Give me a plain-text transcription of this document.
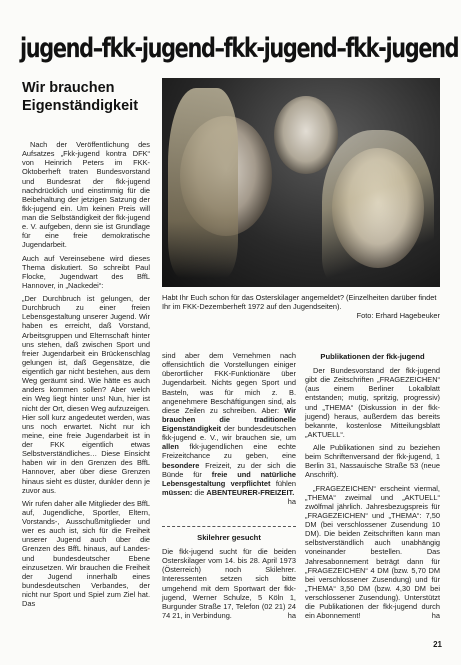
jugend–fkk-jugend–fkk-jugend–fkk-jugend
Wir brauchen Eigenständigkeit

Nach der Veröffentlichung des Aufsatzes „Fkk-jugend kontra DFK“ von Heinrich Peters im FKK-Oktoberheft traten Bundesvorstand und Bundesrat der fkk-jugend nachdrücklich und einstimmig für die Beibehaltung der jetzigen Satzung der fkk-jugend ein. Um keinen Preis will man die Selbständigkeit der fkk-jugend e. V. aufgeben, denn sie ist Grundlage für eine freie demokratische Jugendarbeit.

Auch auf Vereinsebene wird dieses Thema diskutiert. So schreibt Paul Flocke, Jugendwart des BffL Hannover, in „Nackedei“:

„Der Durchbruch ist gelungen, der Durchbruch zu einer freien Lebensgestaltung unserer Jugend. Wir haben es erreicht, daß Vorstand, Arbeitsgruppen und Elternschaft hinter uns stehen, daß zwischen Sport und freier Jugendarbeit ein Brückenschlag gelungen ist, daß Gegensätze, die eigentlich gar nicht bestehen, aus dem Weg geräumt sind. Wie hätte es auch anders kommen sollen? Aber welch ein Weg liegt hinter uns! Nun, hier ist nicht der Ort, diesen Weg aufzuzeigen. Hier soll kurz angedeutet werden, was uns noch erwartet. Nicht nur ich meine, eine freie Jugendarbeit ist in der FKK eigentlich etwas Selbstverständliches… Diese Einsicht haben wir in den Grenzen des BffL Hannover, aber über diese Grenzen hinaus sieht es düster, dunkler denn je zuvor aus.

Wir rufen daher alle Mitglieder des BffL auf, Jugendliche, Sportler, Eltern, Vorstands-, Ausschußmitglieder und wer es auch ist, sich für die Freiheit unserer Jugend auch über die Grenzen des BffL hinaus, auf Landes- und bundesdeutscher Ebene einzusetzen. Wir brauchen die Freiheit der Jugend innerhalb eines bundesdeutschen Verbandes, der nicht nur Sport und Spiel zum Ziel hat. Das

Habt Ihr Euch schon für das Osterskilager angemeldet? (Einzelheiten darüber findet Ihr im FKK-Dezemberheft 1972 auf den Jugendseiten).
Foto: Erhard Hagebeuker

sind aber dem Vernehmen nach offensichtlich die Vorstellungen einiger überortlicher FKK-Funktionäre über Jugendarbeit. Nichts gegen Sport und Basteln, was für mich z. B. angenehmere Beschäftigungen sind, als diese Zeilen zu schreiben. Aber: Wir brauchen die traditionelle Eigenständigkeit der bundesdeutschen fkk-jugend e. V., wir brauchen sie, um allen fkk-jugendlichen eine echte Freizeitchance zu geben, eine besondere Freizeit, zu der sich die Bünde für freie und natürliche Lebensgestaltung verpflichtet fühlen müssen: die ABENTEURER-FREIZEIT.
ha

Skilehrer gesucht

Die fkk-jugend sucht für die beiden Osterskilager vom 14. bis 28. April 1973 (Österreich) noch Skilehrer. Interessenten setzen sich bitte umgehend mit dem Sportwart der fkk-jugend, Werner Schulze, 5 Köln 1, Burgunder Straße 17, Telefon (02 21) 24 74 21, in Verbindung.	ha

Publikationen der fkk-jugend

Der Bundesvorstand der fkk-jugend gibt die Zeitschriften „FRAGEZEICHEN“ (aus einem Berliner Lokalblatt entstanden; mutig, spritzig, progressiv) und „THEMA“ (Diskussion in der fkk-jugend) heraus, außerdem das bereits bekannte, kostenlose Mitteilungsblatt „AKTUELL“.

Alle Publikationen sind zu beziehen beim Schriftenversand der fkk-jugend, 1 Berlin 31, Nassauische Straße 53 (neue Anschrift).

„FRAGEZEICHEN“ erscheint viermal, „THEMA“ zweimal und „AKTUELL“ zwölfmal jährlich. Jahresbezugspreis für „FRAGEZEICHEN“ und „THEMA“: 7,50 DM (bei verschlossener Zusendung 10 DM). Die beiden Zeitschriften kann man selbstverständlich auch unabhängig voneinander bestellen. Das Jahresabonnement beträgt dann für „FRAGEZEICHEN“ 4 DM (bzw. 5,70 DM bei verschlossener Zusendung) und für „THEMA“ 3,50 DM (bzw. 4,30 DM bei verschlossener Zusendung). Unterstützt die Publikationen der fkk-jugend durch ein Abonnement!	ha

21
